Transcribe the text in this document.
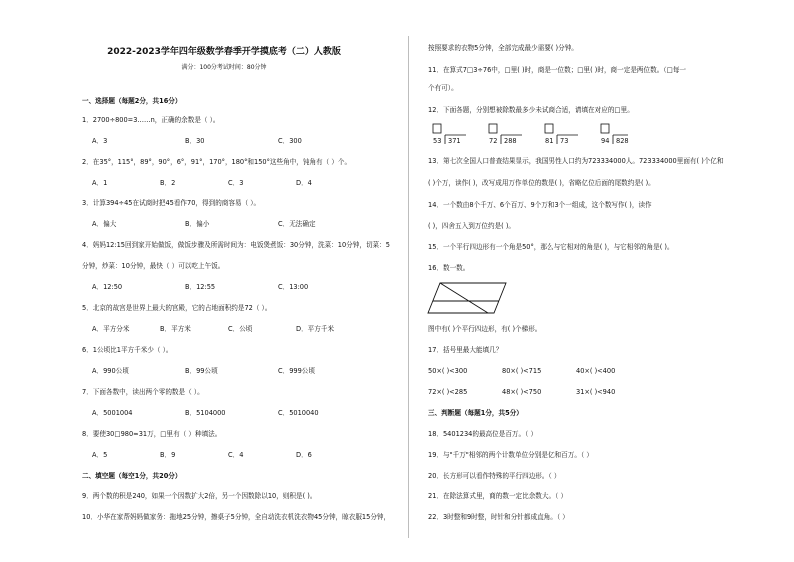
2022-2023学年四年级数学春季开学摸底考（二）人教版
满分：100分考试时间：80分钟
一、选择题（每题2分，共16分）
1．2700÷800=3……n，正确的余数是（ ）。
A．3	B．30	C．300
2．在35°，115°，89°，90°，6°，91°，170°，180°和150°这些角中，钝角有（ ）个。
A．1	B．2	C．3	D．4
3．计算394÷45在试商时把45看作70，得到的商容易（ ）。
A．偏大	B．偏小	C．无法确定
4．妈妈12:15回到家开始做饭，做饭步骤及所需时间为：电饭煲煮饭：30分钟，洗菜：10分钟，切菜：5
分钟，炒菜：10分钟，最快（ ）可以吃上午饭。
A．12:50	B．12:55	C．13:00
5．北京的故宫是世界上最大的宫殿，它的占地面积约是72（ ）。
A．平方分米	B．平方米	C．公顷	D．平方千米
6．1公顷比1平方千米少（ ）。
A．990公顷	B．99公顷	C．999公顷
7．下面各数中，读出两个零的数是（ ）。
A．5001004	B．5104000	C．5010040
8．要使30□980≈31万，□里有（ ）种填法。
A．5	B．9	C．4	D．6
二、填空题（每空1分，共20分）
9．两个数的积是240，如果一个因数扩大2倍，另一个因数除以10，则积是( )。
10．小华在家帮妈妈做家务：拖地25分钟，擦桌子5分钟，全自动洗衣机洗衣物45分钟，晾衣服15分钟，
按照要求的衣物5分钟，全部完成最少需要( )分钟。
11．在算式7□3÷76中，□里( )时，商是一位数；□里( )时，商一定是两位数。（□每一
个有可）。
12．下面各题，分别想被除数最多少未试商合适，请填在对应的□里。
53 371	72 288	81 73	94 828
13．第七次全国人口普查结果显示，我国男性人口约为723334000人。723334000里面有( )个亿和
( )个万，读作( )，改写成用万作单位的数是( )，省略亿位后面的尾数约是( )。
14．一个数由8个千万、6个百万、9个万和3个一组成，这个数写作( )，读作
( )，四舍五入到万位约是( )。
15．一个平行四边形有一个角是50°，那么与它相对的角是( )，与它相邻的角是( )。
16．数一数。
图中有( )个平行四边形，有( )个梯形。
17．括号里最大能填几？
50×( )<300	80×( )<715	40×( )<400
72×( )<285	48×( )<750	31×( )<940
三、判断题（每题1分，共5分）
18．5401234的最高位是百万。（ ）
19．与"千万"相邻的两个计数单位分别是亿和百万。（ ）
20．长方形可以看作特殊的平行四边形。（ ）
21．在除法算式里，商的数一定比余数大。（ ）
22．3时整和9时整，时针和分针都成直角。（ ）
